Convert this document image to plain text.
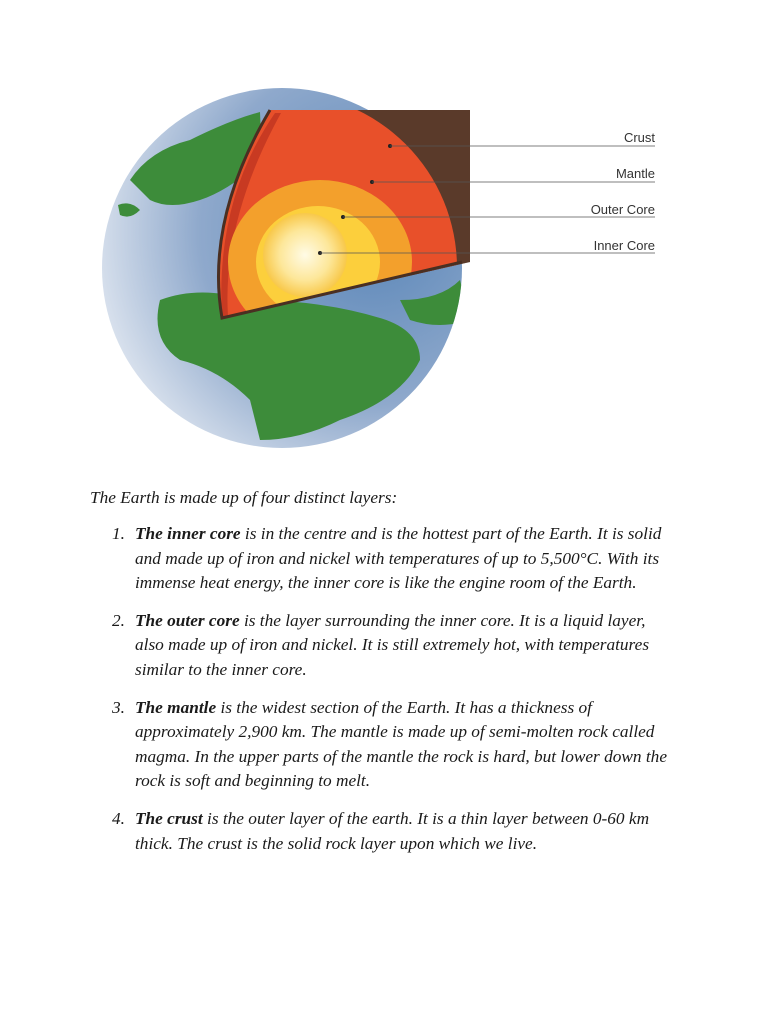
Crust
Mantle
Outer Core
Inner Core

The Earth is made up of four distinct layers:

1. The inner core is in the centre and is the hottest part of the Earth. It is solid and made up of iron and nickel with temperatures of up to 5,500°C. With its immense heat energy, the inner core is like the engine room of the Earth.
2. The outer core is the layer surrounding the inner core. It is a liquid layer, also made up of iron and nickel. It is still extremely hot, with temperatures similar to the inner core.
3. The mantle is the widest section of the Earth. It has a thickness of approximately 2,900 km. The mantle is made up of semi-molten rock called magma. In the upper parts of the mantle the rock is hard, but lower down the rock is soft and beginning to melt.
4. The crust is the outer layer of the earth. It is a thin layer between 0-60 km thick. The crust is the solid rock layer upon which we live.
